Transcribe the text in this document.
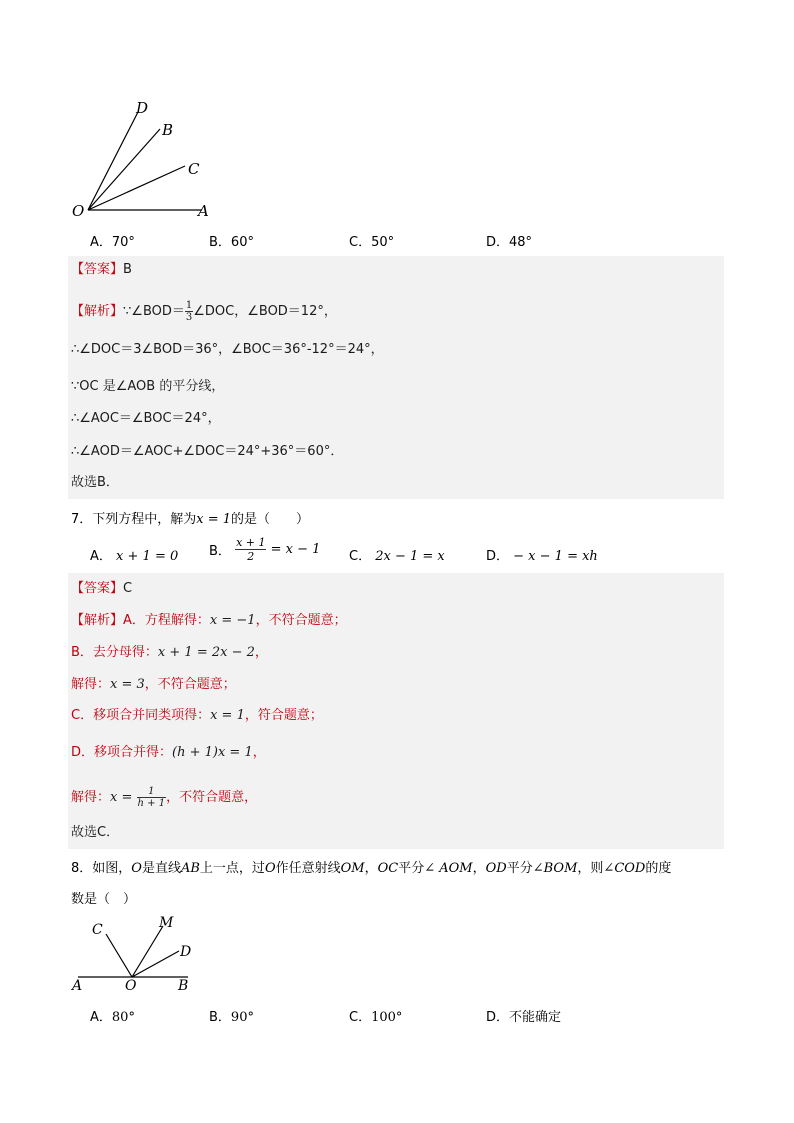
D
B
C
O	A
A．70°	B．60°	C．50°	D．48°
【答案】B
【解析】∵∠BOD＝ $\frac{1}{3}$ ∠DOC，∠BOD＝12°，
∴∠DOC＝3∠BOD＝36°，∠BOC＝36°-12°＝24°，
∵OC 是∠AOB 的平分线，
∴∠AOC＝∠BOC＝24°，
∴∠AOD＝∠AOC+∠DOC＝24°+36°＝60°．
故选B．
7．下列方程中，解为x = 1的是（　　）
A． x + 1 = 0 B． $\frac{x + 1}{2} = x - 1$ C． 2x − 1 = x	D． − x − 1 = xh
【答案】C
【解析】A．方程解得：x = −1，不符合题意；
B．去分母得：x + 1 = 2x − 2，
解得：x = 3，不符合题意；
C．移项合并同类项得：x = 1，符合题意；
D．移项合并得：(h + 1)x = 1，
解得：$x = \frac{1}{h + 1}$ ，不符合题意，
故选C．
8．如图，O是直线AB上一点，过O作任意射线OM，OC平分∠ AOM，OD平分∠BOM，则∠COD的度
数是（　）
C	M
D
A	O	B
A．80°	B．90°	C．100°	D．不能确定
